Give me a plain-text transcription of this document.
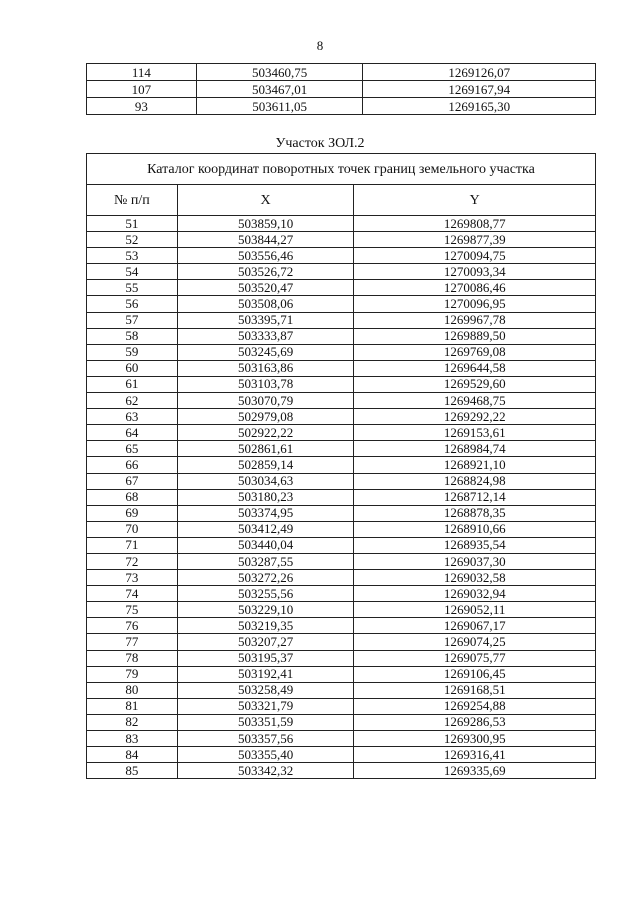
8
114	503460,75	1269126,07
107	503467,01	1269167,94
93	503611,05	1269165,30
Участок ЗОЛ.2
Каталог координат поворотных точек границ земельного участка		
№ п/п	X	Y
51	503859,10	1269808,77
52	503844,27	1269877,39
53	503556,46	1270094,75
54	503526,72	1270093,34
55	503520,47	1270086,46
56	503508,06	1270096,95
57	503395,71	1269967,78
58	503333,87	1269889,50
59	503245,69	1269769,08
60	503163,86	1269644,58
61	503103,78	1269529,60
62	503070,79	1269468,75
63	502979,08	1269292,22
64	502922,22	1269153,61
65	502861,61	1268984,74
66	502859,14	1268921,10
67	503034,63	1268824,98
68	503180,23	1268712,14
69	503374,95	1268878,35
70	503412,49	1268910,66
71	503440,04	1268935,54
72	503287,55	1269037,30
73	503272,26	1269032,58
74	503255,56	1269032,94
75	503229,10	1269052,11
76	503219,35	1269067,17
77	503207,27	1269074,25
78	503195,37	1269075,77
79	503192,41	1269106,45
80	503258,49	1269168,51
81	503321,79	1269254,88
82	503351,59	1269286,53
83	503357,56	1269300,95
84	503355,40	1269316,41
85	503342,32	1269335,69
